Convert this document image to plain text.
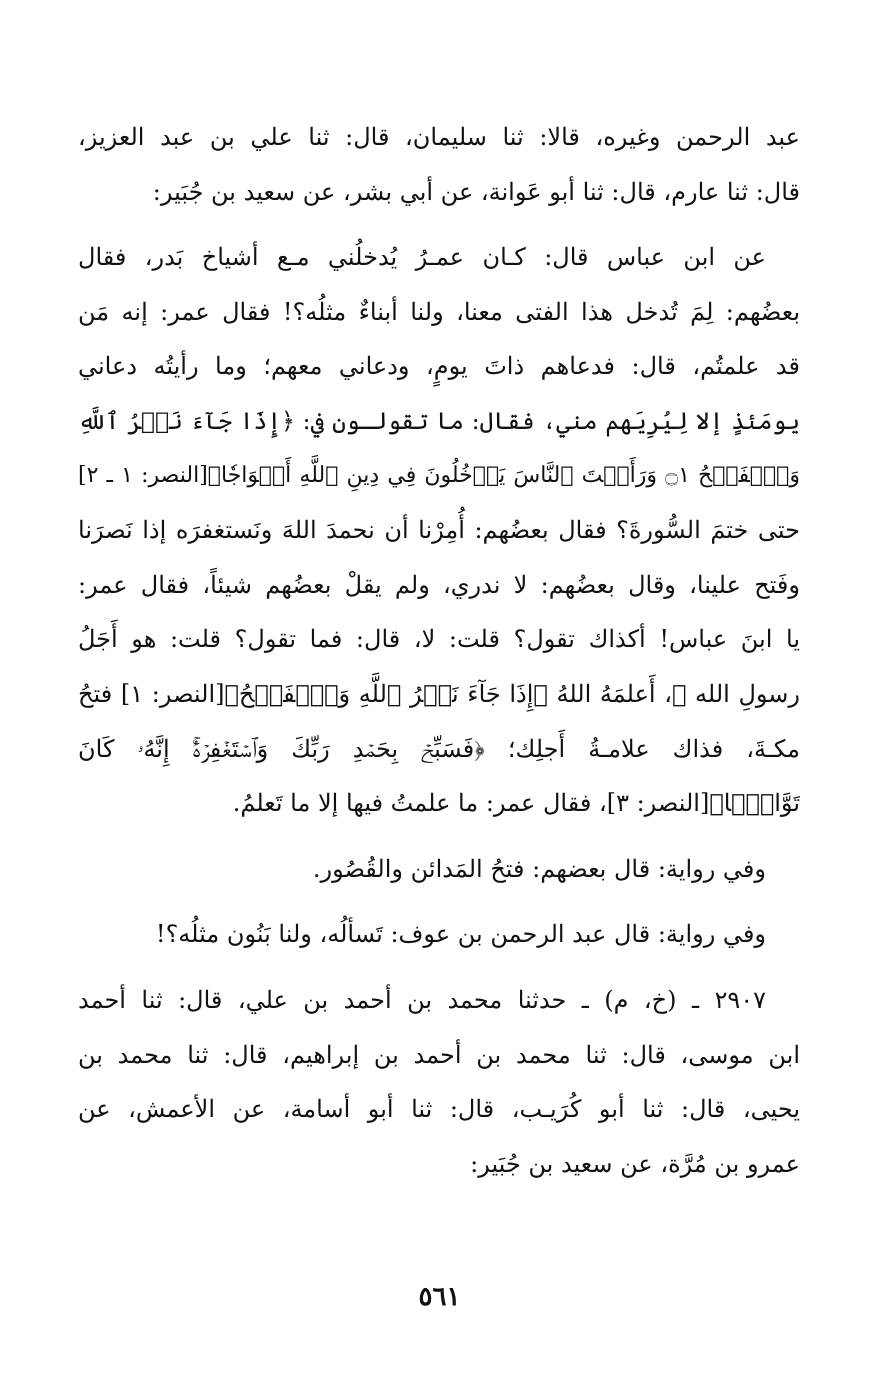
عبد الرحمن وغيره، قالا: ثنا سليمان، قال: ثنا علي بن عبد العزيز،
قال: ثنا عارم، قال: ثنا أبو عَوانة، عن أبي بشر، عن سعيد بن جُبَير:
عن ابن عباس قال: كـان عمـرُ يُدخلُني مـع أشياخ بَدر، فقال
بعضُهم: لِمَ تُدخل هذا الفتى معنا، ولنا أبناءٌ مثلُه؟! فقال عمر: إنه مَن
قد علمتُم، قال: فدعاهم ذاتَ يومٍ، ودعاني معهم؛ وما رأيتُه دعاني
يومَئذٍ إلا لِيُرِيَهم مني، فقال: ما تقولـون في: ﴿إِذَا جَآءَ نَصۡرُ ٱللَّهِ
وَٱلۡفَتۡحُ ۝١ وَرَأَيۡتَ ٱلنَّاسَ يَدۡخُلُونَ فِي دِينِ ٱللَّهِ أَفۡوَاجٗا﴾[النصر: ١ ـ ٢]
حتى ختمَ السُّورةَ؟ فقال بعضُهم: أُمِرْنا أن نحمدَ اللهَ ونَستغفرَه إذا نَصرَنا
وفَتح علينا، وقال بعضُهم: لا ندري، ولم يقلْ بعضُهم شيئاً، فقال عمر:
يا ابنَ عباس! أكذاك تقول؟ قلت: لا، قال: فما تقول؟ قلت: هو أَجَلُ
رسولِ الله ﷺ، أَعلمَهُ اللهُ ﴿إِذَا جَآءَ نَصۡرُ ٱللَّهِ وَٱلۡفَتۡحُ﴾[النصر: ١] فتحُ
مكـةَ، فذاك علامـةُ أَجلِك؛ ﴿فَسَبِّحۡ بِحَمۡدِ رَبِّكَ وَٱسۡتَغۡفِرۡهُۚ إِنَّهُۥ كَانَ
تَوَّابَۢا﴾[النصر: ٣]، فقال عمر: ما علمتُ فيها إلا ما تَعلمُ.
وفي رواية: قال بعضهم: فتحُ المَدائن والقُصُور.
وفي رواية: قال عبد الرحمن بن عوف: تَسألُه، ولنا بَنُون مثلُه؟!
٢٩٠٧ ـ (خ، م) ـ حدثنا محمد بن أحمد بن علي، قال: ثنا أحمد
ابن موسى، قال: ثنا محمد بن أحمد بن إبراهيم، قال: ثنا محمد بن
يحيى، قال: ثنا أبو كُرَيـب، قال: ثنا أبو أسامة، عن الأعمش، عن
عمرو بن مُرَّة، عن سعيد بن جُبَير:
٥٦١
